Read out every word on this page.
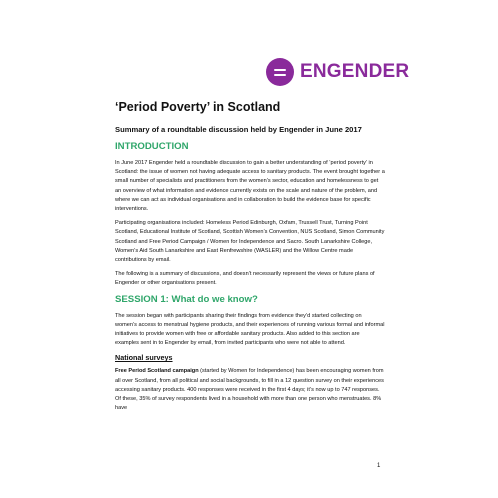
ENGENDER
‘Period Poverty’ in Scotland
Summary of a roundtable discussion held by Engender in June 2017
INTRODUCTION

In June 2017 Engender held a roundtable discussion to gain a better understanding of ‘period poverty’ in Scotland: the issue of women not having adequate access to sanitary products. The event brought together a small number of specialists and practitioners from the women’s sector, education and homelessness to get an overview of what information and evidence currently exists on the scale and nature of the problem, and where we can act as individual organisations and in collaboration to build the evidence base for specific interventions.

Participating organisations included: Homeless Period Edinburgh, Oxfam, Trussell Trust, Turning Point Scotland, Educational Institute of Scotland, Scottish Women’s Convention, NUS Scotland, Simon Community Scotland and Free Period Campaign / Women for Independence and Sacro. South Lanarkshire College, Women’s Aid South Lanarkshire and East Renfrewshire (WASLER) and the Willow Centre made contributions by email.

The following is a summary of discussions, and doesn’t necessarily represent the views or future plans of Engender or other organisations present.

SESSION 1: What do we know?

The session began with participants sharing their findings from evidence they’d started collecting on women’s access to menstrual hygiene products, and their experiences of running various formal and informal initiatives to provide women with free or affordable sanitary products. Also added to this section are examples sent in to Engender by email, from invited participants who were not able to attend.

National surveys

Free Period Scotland campaign (started by Women for Independence) has been encouraging women from all over Scotland, from all political and social backgrounds, to fill in a 12 question survey on their experiences accessing sanitary products. 400 responses were received in the first 4 days; it’s now up to 747 responses. Of these, 35% of survey respondents lived in a household with more than one person who menstruates. 8% have

1
